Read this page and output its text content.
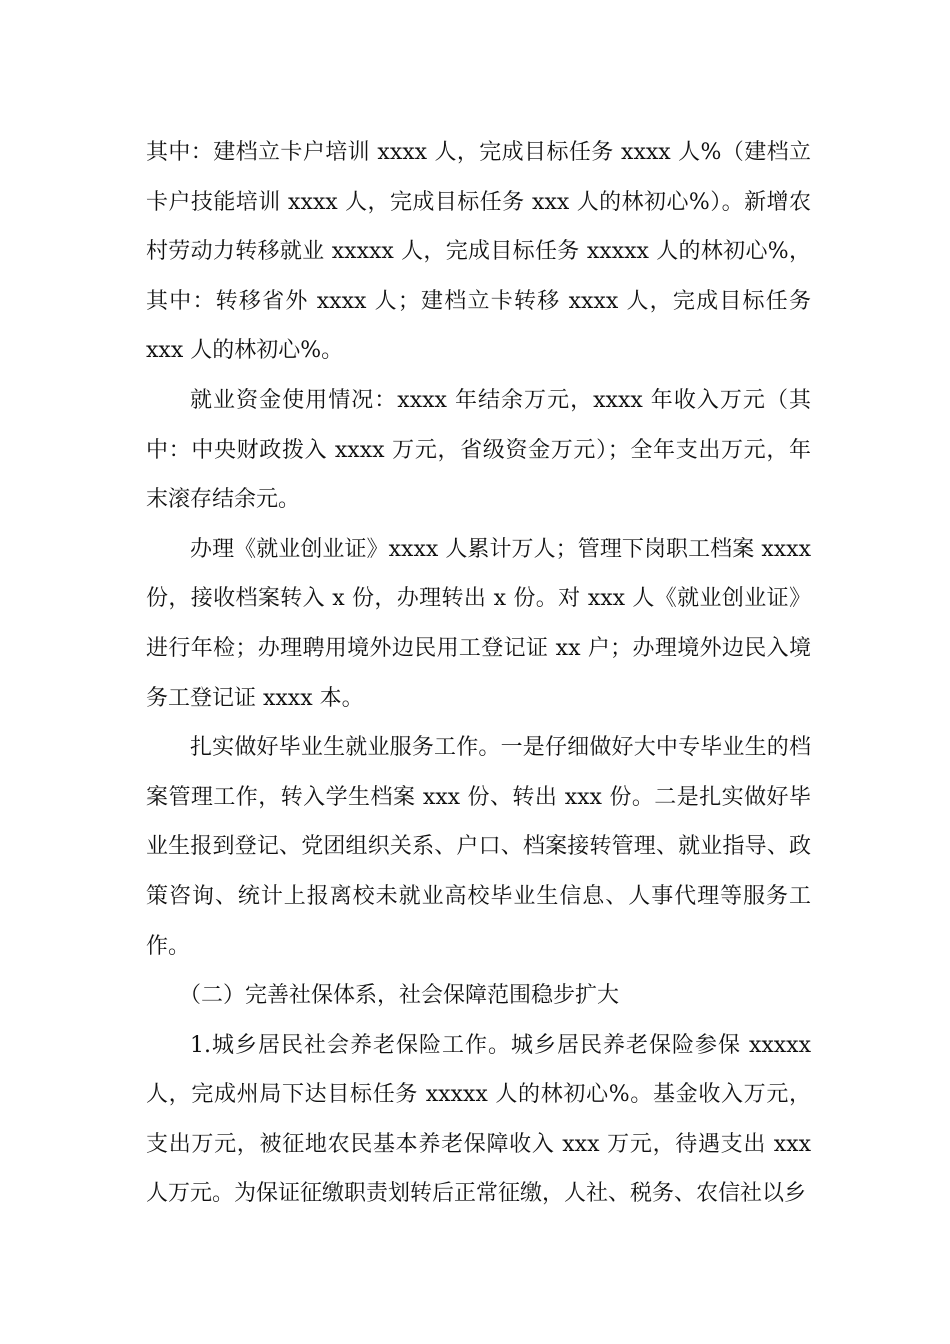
其中：建档立卡户培训 xxxx 人，完成目标任务 xxxx 人%（建档立卡户技能培训 xxxx 人，完成目标任务 xxx 人的林初心%）。新增农村劳动力转移就业 xxxxx 人，完成目标任务 xxxxx 人的林初心%，其中：转移省外 xxxx 人；建档立卡转移 xxxx 人，完成目标任务 xxx 人的林初心%。

就业资金使用情况：xxxx 年结余万元，xxxx 年收入万元（其中：中央财政拨入 xxxx 万元，省级资金万元）；全年支出万元，年末滚存结余元。

办理《就业创业证》xxxx 人累计万人；管理下岗职工档案 xxxx 份，接收档案转入 x 份，办理转出 x 份。对 xxx 人《就业创业证》进行年检；办理聘用境外边民用工登记证 xx 户；办理境外边民入境务工登记证 xxxx 本。

扎实做好毕业生就业服务工作。一是仔细做好大中专毕业生的档案管理工作，转入学生档案 xxx 份、转出 xxx 份。二是扎实做好毕业生报到登记、党团组织关系、户口、档案接转管理、就业指导、政策咨询、统计上报离校未就业高校毕业生信息、人事代理等服务工作。

（二）完善社保体系，社会保障范围稳步扩大

1.城乡居民社会养老保险工作。城乡居民养老保险参保 xxxxx 人，完成州局下达目标任务 xxxxx 人的林初心%。基金收入万元，支出万元，被征地农民基本养老保障收入 xxx 万元，待遇支出 xxx 人万元。为保证征缴职责划转后正常征缴，人社、税务、农信社以乡
